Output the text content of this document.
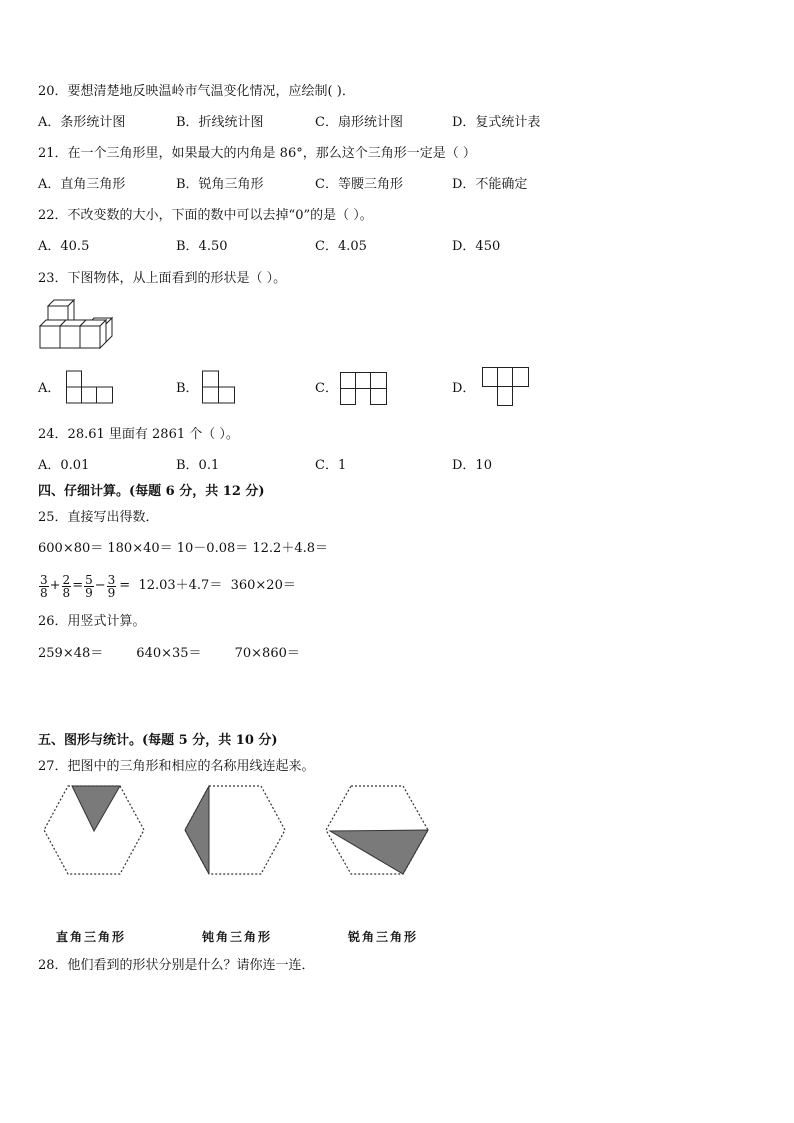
20．要想清楚地反映温岭市气温变化情况，应绘制( )．
A．条形统计图	B．折线统计图	C．扇形统计图	D．复式统计表
21．在一个三角形里，如果最大的内角是 86°，那么这个三角形一定是（ ）
A．直角三角形	B．锐角三角形	C．等腰三角形	D．不能确定
22．不改变数的大小，下面的数中可以去掉“0”的是（ ）。
A．40.5	B．4.50	C．4.05	D．450
23．下图物体，从上面看到的形状是（ ）。
A．	B．	C．	D．
24．28.61 里面有 2861 个（ ）。
A．0.01	B．0.1	C．1	D．10
四、仔细计算。(每题 6 分，共 12 分)
25．直接写出得数．
600×80＝ 180×40＝ 10－0.08＝ 12.2＋4.8＝
$\frac{3}{8} + \frac{2}{8} = \frac{5}{9} - \frac{3}{9} = 12.03+4.7= 360\times 20=$
26．用竖式计算。
259×48＝        640×35＝        70×860＝
五、图形与统计。(每题 5 分，共 10 分)
27．把图中的三角形和相应的名称用线连起来。
直角三角形	钝角三角形	锐角三角形
28．他们看到的形状分别是什么？请你连一连．
